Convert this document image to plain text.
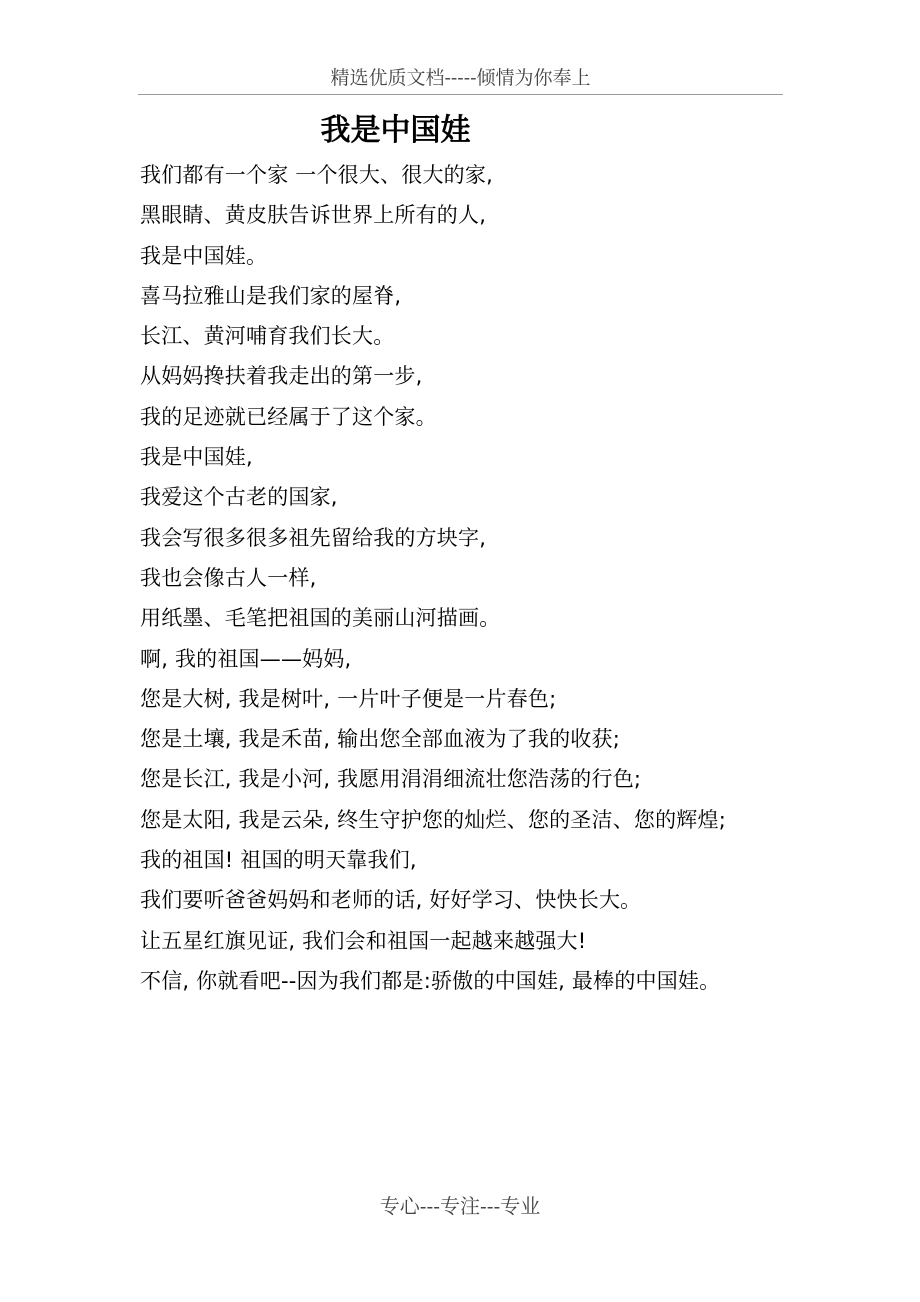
精选优质文档-----倾情为你奉上
我是中国娃
我们都有一个家 一个很大、很大的家,
黑眼睛、黄皮肤告诉世界上所有的人,
我是中国娃。
喜马拉雅山是我们家的屋脊,
长江、黄河哺育我们长大。
从妈妈搀扶着我走出的第一步,
我的足迹就已经属于了这个家。
我是中国娃,
我爱这个古老的国家,
我会写很多很多祖先留给我的方块字,
我也会像古人一样,
用纸墨、毛笔把祖国的美丽山河描画。
啊, 我的祖国——妈妈,
您是大树, 我是树叶, 一片叶子便是一片春色;
您是土壤, 我是禾苗, 输出您全部血液为了我的收获;
您是长江, 我是小河, 我愿用涓涓细流壮您浩荡的行色;
您是太阳, 我是云朵, 终生守护您的灿烂、您的圣洁、您的辉煌;
我的祖国! 祖国的明天靠我们,
我们要听爸爸妈妈和老师的话, 好好学习、快快长大。
让五星红旗见证, 我们会和祖国一起越来越强大!
不信, 你就看吧--因为我们都是:骄傲的中国娃, 最棒的中国娃。
专心---专注---专业
